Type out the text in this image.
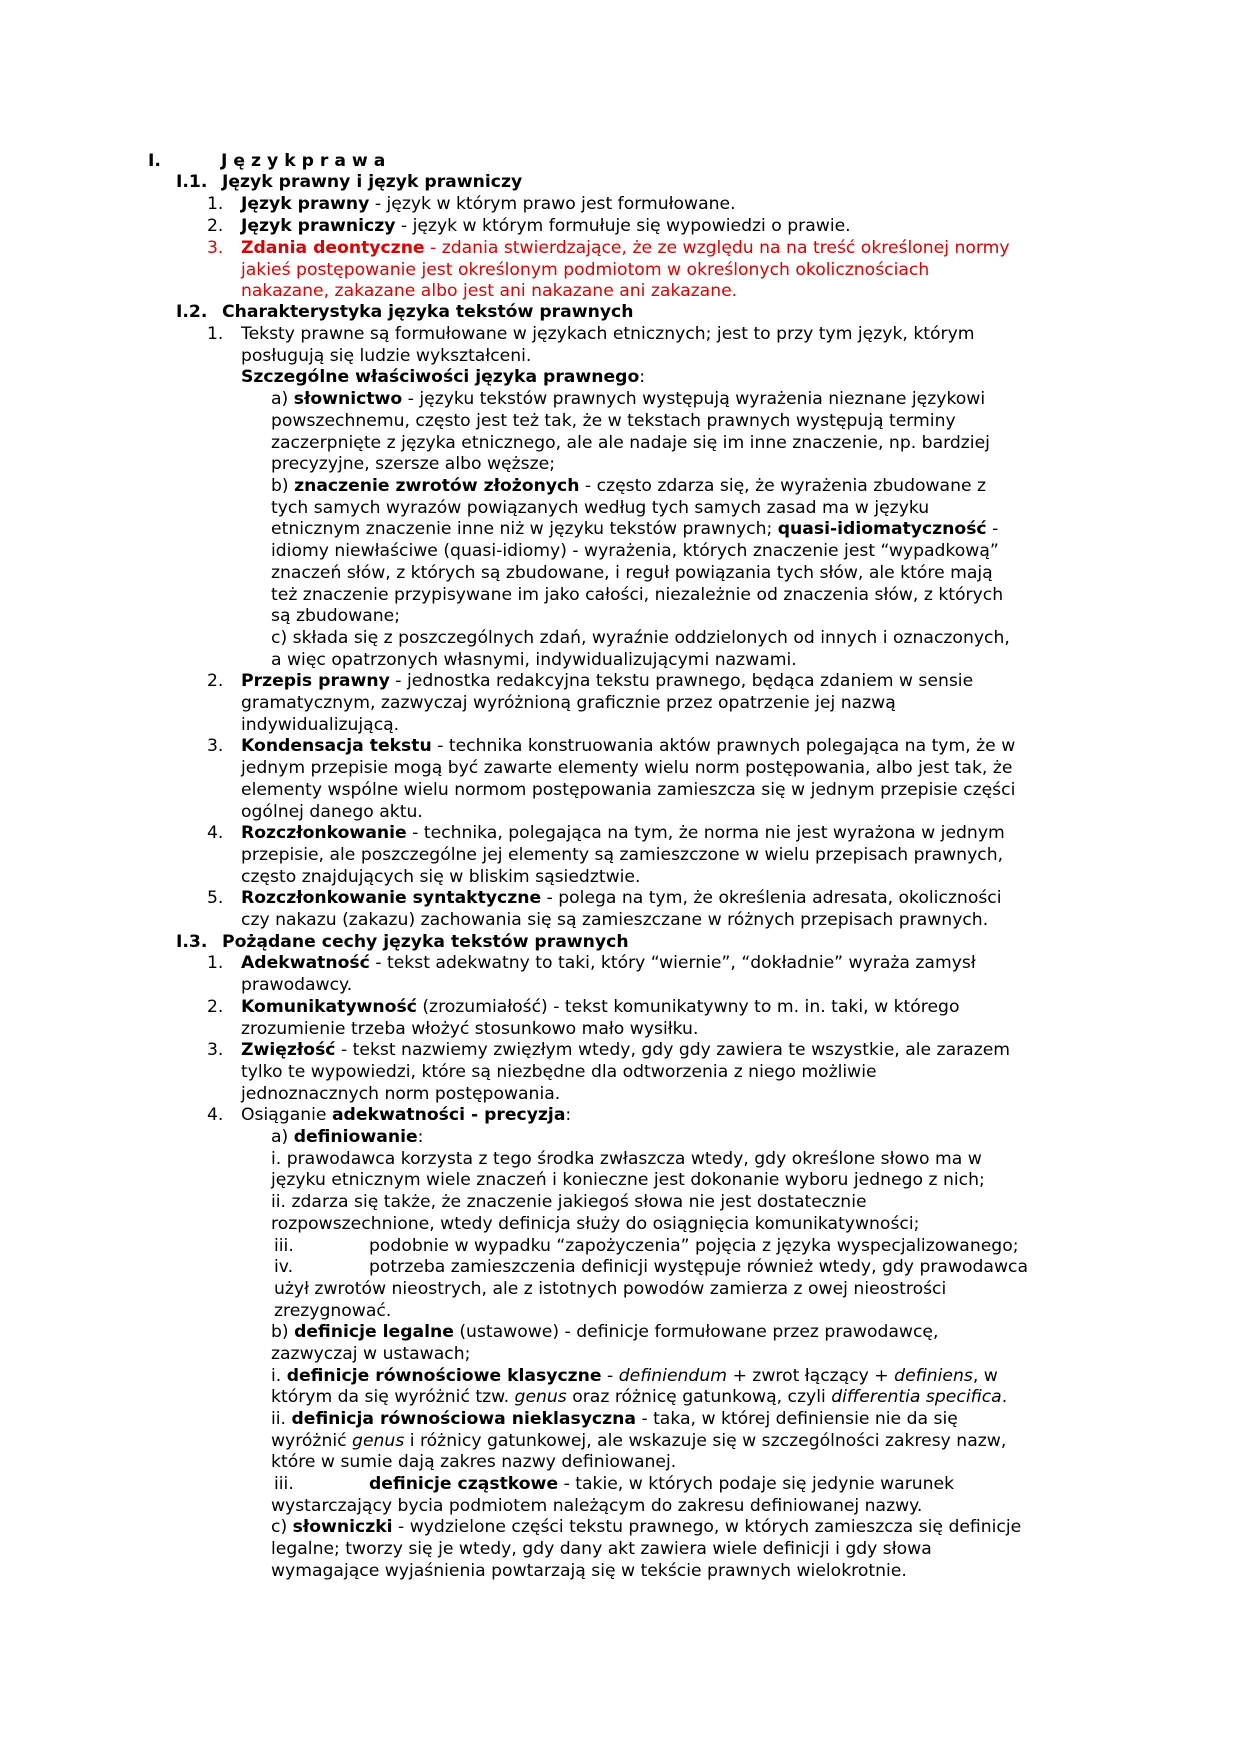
I.	J ę z y k p r a w a
I.1. Język prawny i język prawniczy
1. Język prawny - język w którym prawo jest formułowane.
2. Język prawniczy - język w którym formułuje się wypowiedzi o prawie.
3. Zdania deontyczne - zdania stwierdzające, że ze względu na na treść określonej normy
jakieś postępowanie jest określonym podmiotom w określonych okolicznościach
nakazane, zakazane albo jest ani nakazane ani zakazane.
I.2. Charakterystyka języka tekstów prawnych
1. Teksty prawne są formułowane w językach etnicznych; jest to przy tym język, którym
posługują się ludzie wykształceni.
Szczególne właściwości języka prawnego:
a) słownictwo - języku tekstów prawnych występują wyrażenia nieznane językowi
powszechnemu, często jest też tak, że w tekstach prawnych występują terminy
zaczerpnięte z języka etnicznego, ale ale nadaje się im inne znaczenie, np. bardziej
precyzyjne, szersze albo węższe;
b) znaczenie zwrotów złożonych - często zdarza się, że wyrażenia zbudowane z
tych samych wyrazów powiązanych według tych samych zasad ma w języku
etnicznym znaczenie inne niż w języku tekstów prawnych; quasi-idiomatyczność -
idiomy niewłaściwe (quasi-idiomy) - wyrażenia, których znaczenie jest “wypadkową”
znaczeń słów, z których są zbudowane, i reguł powiązania tych słów, ale które mają
też znaczenie przypisywane im jako całości, niezależnie od znaczenia słów, z których
są zbudowane;
c) składa się z poszczególnych zdań, wyraźnie oddzielonych od innych i oznaczonych,
a więc opatrzonych własnymi, indywidualizującymi nazwami.
2. Przepis prawny - jednostka redakcyjna tekstu prawnego, będąca zdaniem w sensie
gramatycznym, zazwyczaj wyróżnioną graficznie przez opatrzenie jej nazwą
indywidualizującą.
3. Kondensacja tekstu - technika konstruowania aktów prawnych polegająca na tym, że w
jednym przepisie mogą być zawarte elementy wielu norm postępowania, albo jest tak, że
elementy wspólne wielu normom postępowania zamieszcza się w jednym przepisie części
ogólnej danego aktu.
4. Rozczłonkowanie - technika, polegająca na tym, że norma nie jest wyrażona w jednym
przepisie, ale poszczególne jej elementy są zamieszczone w wielu przepisach prawnych,
często znajdujących się w bliskim sąsiedztwie.
5. Rozczłonkowanie syntaktyczne - polega na tym, że określenia adresata, okoliczności
czy nakazu (zakazu) zachowania się są zamieszczane w różnych przepisach prawnych.
I.3. Pożądane cechy języka tekstów prawnych
1. Adekwatność - tekst adekwatny to taki, który “wiernie”, “dokładnie” wyraża zamysł
prawodawcy.
2. Komunikatywność (zrozumiałość) - tekst komunikatywny to m. in. taki, w którego
zrozumienie trzeba włożyć stosunkowo mało wysiłku.
3. Zwięzłość - tekst nazwiemy zwięzłym wtedy, gdy gdy zawiera te wszystkie, ale zarazem
tylko te wypowiedzi, które są niezbędne dla odtworzenia z niego możliwie
jednoznacznych norm postępowania.
4. Osiąganie adekwatności - precyzja:
a) definiowanie:
i. prawodawca korzysta z tego środka zwłaszcza wtedy, gdy określone słowo ma w
języku etnicznym wiele znaczeń i konieczne jest dokonanie wyboru jednego z nich;
ii. zdarza się także, że znaczenie jakiegoś słowa nie jest dostatecznie
rozpowszechnione, wtedy definicja służy do osiągnięcia komunikatywności;
iii.	podobnie w wypadku “zapożyczenia” pojęcia z języka wyspecjalizowanego;
iv.	potrzeba zamieszczenia definicji występuje również wtedy, gdy prawodawca
użył zwrotów nieostrych, ale z istotnych powodów zamierza z owej nieostrości
zrezygnować.
b) definicje legalne (ustawowe) - definicje formułowane przez prawodawcę,
zazwyczaj w ustawach;
i. definicje równościowe klasyczne - definiendum + zwrot łączący + definiens, w
którym da się wyróżnić tzw. genus oraz różnicę gatunkową, czyli differentia specifica.
ii. definicja równościowa nieklasyczna - taka, w której definiensie nie da się
wyróżnić genus i różnicy gatunkowej, ale wskazuje się w szczególności zakresy nazw,
które w sumie dają zakres nazwy definiowanej.
iii.	definicje cząstkowe - takie, w których podaje się jedynie warunek
wystarczający bycia podmiotem należącym do zakresu definiowanej nazwy.
c) słowniczki - wydzielone części tekstu prawnego, w których zamieszcza się definicje
legalne; tworzy się je wtedy, gdy dany akt zawiera wiele definicji i gdy słowa
wymagające wyjaśnienia powtarzają się w tekście prawnych wielokrotnie.
